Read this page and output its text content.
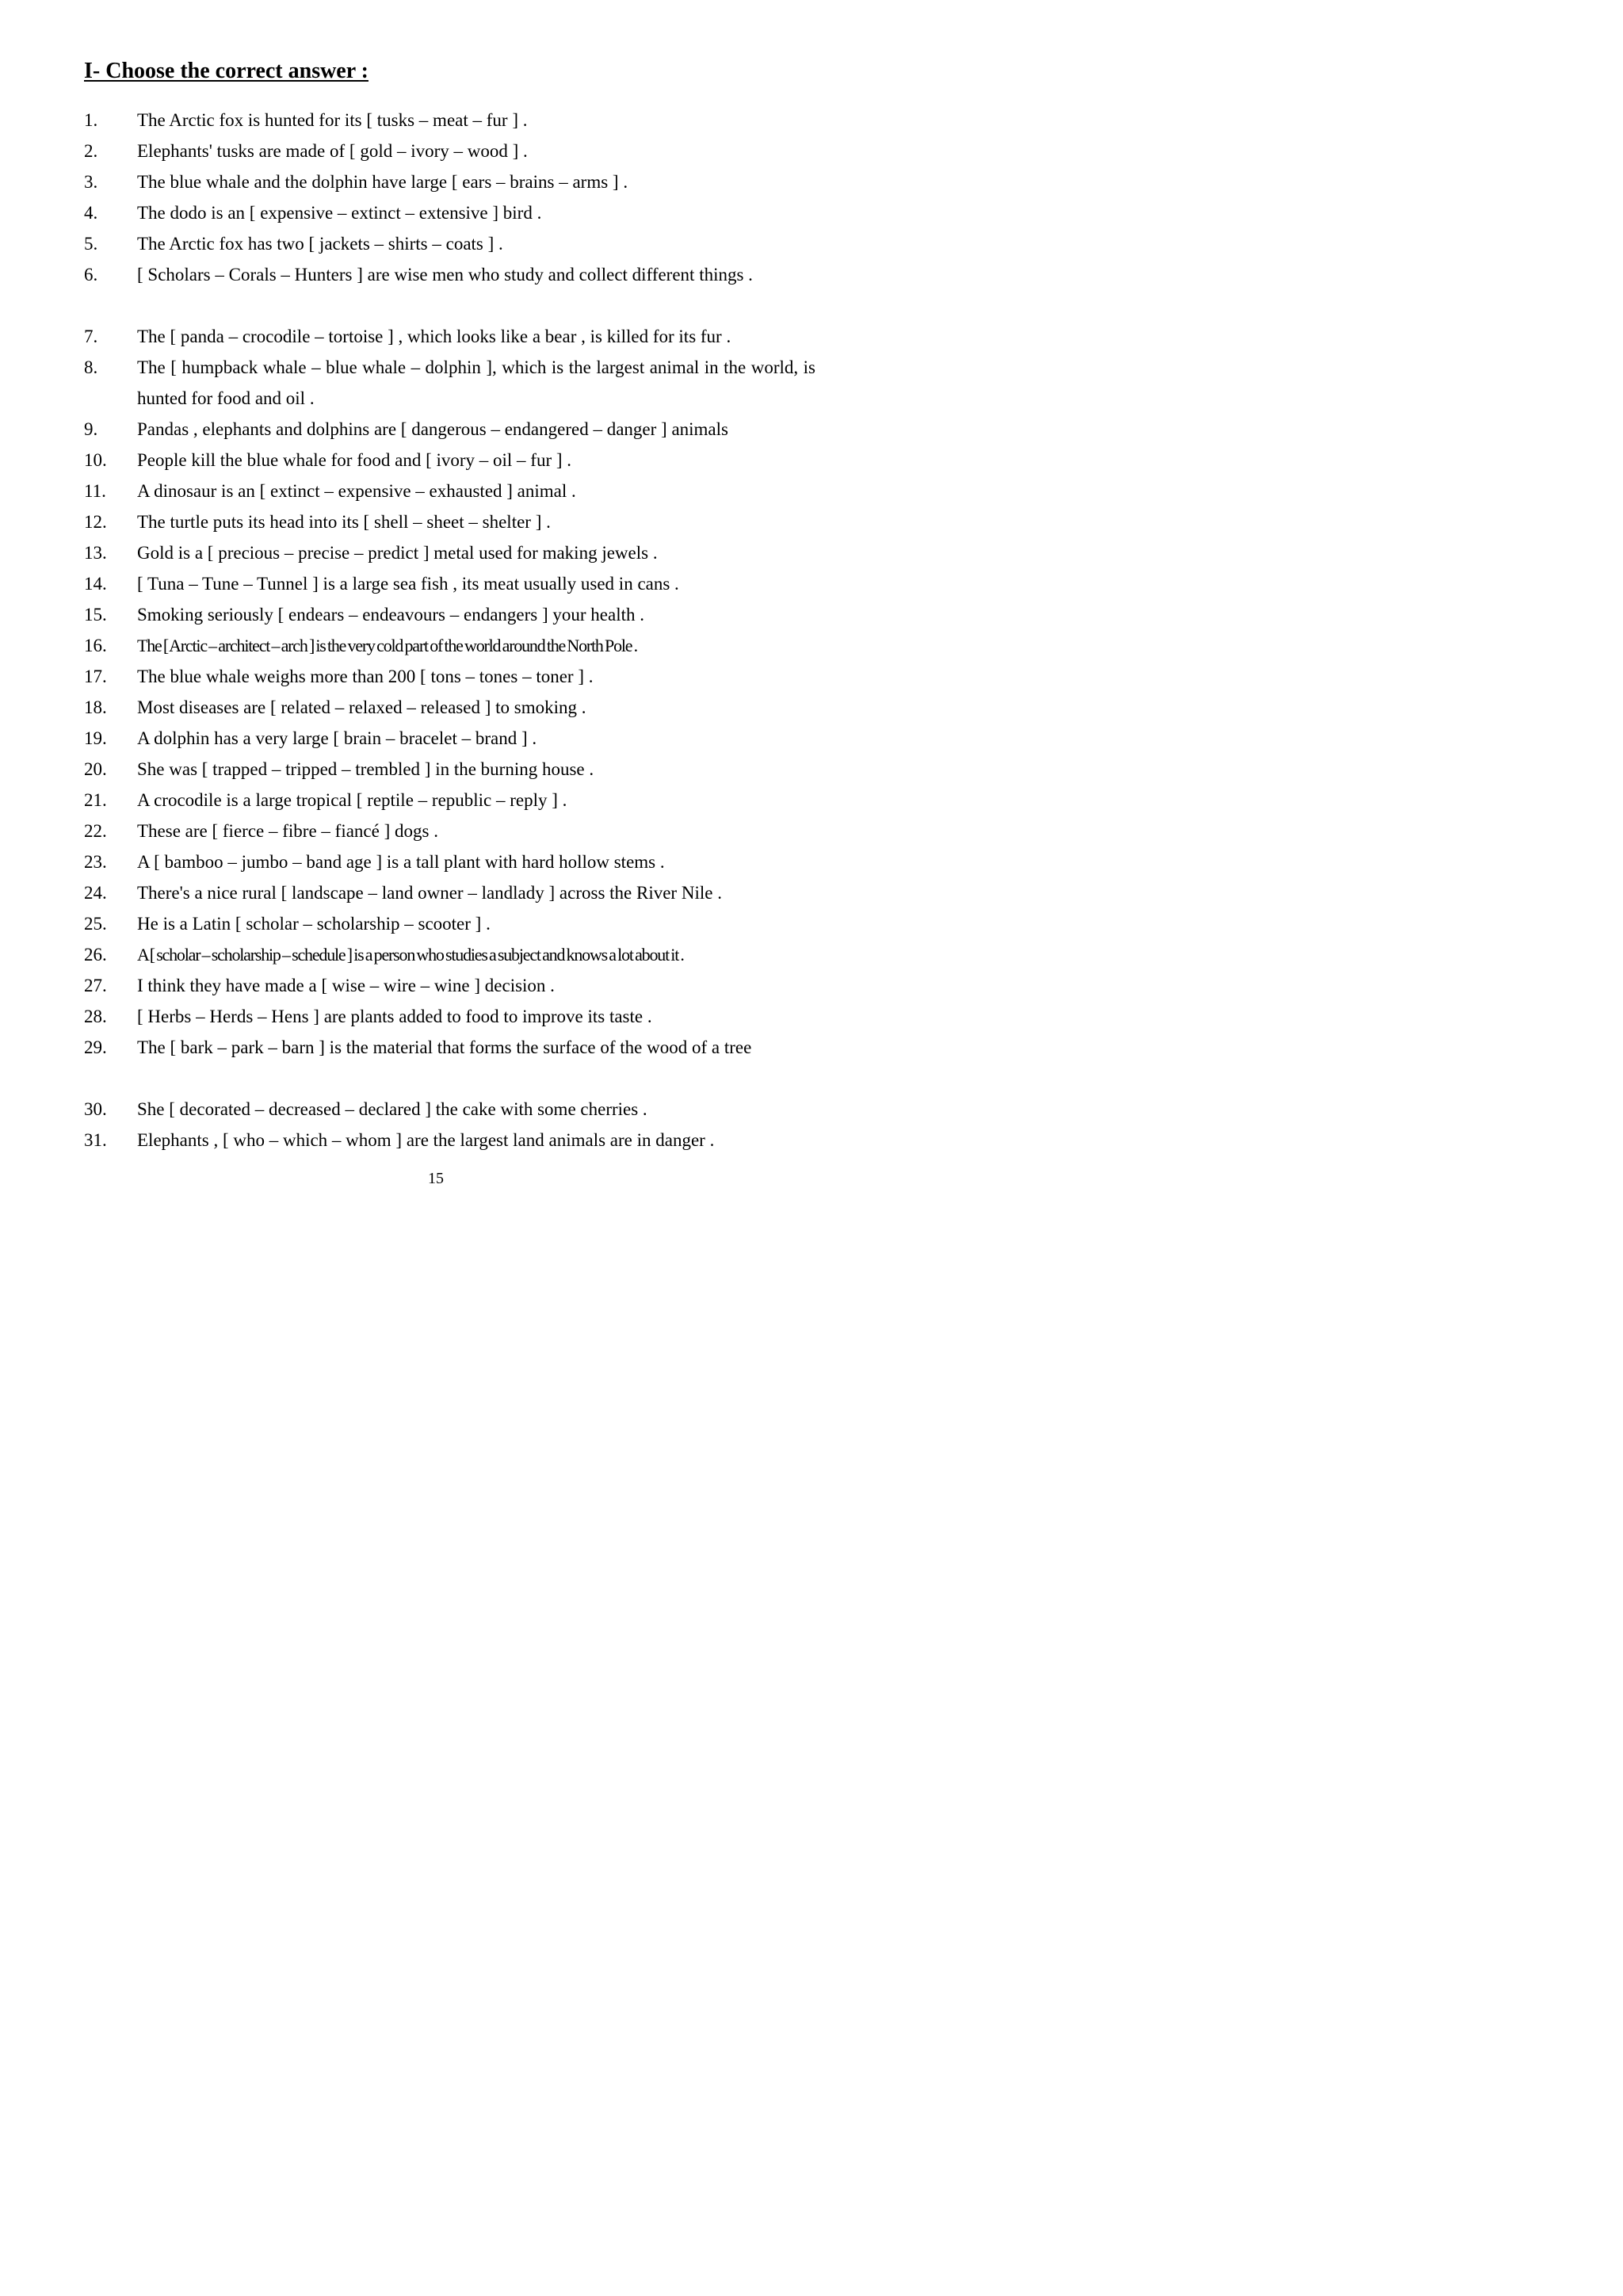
I- Choose the correct answer :
1. The Arctic fox is hunted for its [ tusks – meat – fur ] .
2. Elephants' tusks are made of [ gold – ivory – wood ] .
3. The blue whale and the dolphin have large [ ears – brains – arms ] .
4. The dodo is an [ expensive – extinct – extensive ] bird .
5. The Arctic fox has two [ jackets – shirts – coats ] .
6. [ Scholars – Corals – Hunters ] are wise men who study and collect different things .
7. The [ panda – crocodile – tortoise ] , which looks like a bear , is killed for its fur .
8. The [ humpback whale – blue whale – dolphin ], which is the largest animal in the world, is hunted for food and oil .
9. Pandas , elephants and dolphins are [ dangerous – endangered – danger ] animals
10. People kill the blue whale for food and [ ivory – oil – fur ] .
11. A dinosaur is an [ extinct – expensive – exhausted ] animal .
12. The turtle puts its head into its [ shell – sheet – shelter ] .
13. Gold is a [ precious – precise – predict ] metal used for making jewels .
14. [ Tuna – Tune – Tunnel ] is a large sea fish , its meat usually used in cans .
15. Smoking seriously [ endears – endeavours – endangers ] your health .
16. The [ Arctic – architect – arch ] is the very cold part of the world around the North Pole .
17. The blue whale weighs more than 200 [ tons – tones – toner ] .
18. Most diseases are [ related – relaxed – released ] to smoking .
19. A dolphin has a very large [ brain – bracelet – brand ] .
20. She was [ trapped – tripped – trembled ] in the burning house .
21. A crocodile is a large tropical [ reptile – republic – reply ] .
22. These are [ fierce – fibre – fiancé ] dogs .
23. A [ bamboo – jumbo – band age ] is a tall plant with hard hollow stems .
24. There's a nice rural [ landscape – land owner – landlady ] across the River Nile .
25. He is a Latin [ scholar – scholarship – scooter ] .
26. A [ scholar – scholarship – schedule ] is a person who studies a subject and knows a lot about it .
27. I think they have made a [ wise – wire – wine ] decision .
28. [ Herbs – Herds – Hens ] are plants added to food to improve its taste .
29. The [ bark – park – barn ] is the material that forms the surface of the wood of a tree
30. She [ decorated – decreased – declared ] the cake with some cherries .
31. Elephants , [ who – which – whom ] are the largest land animals are in danger .
15
